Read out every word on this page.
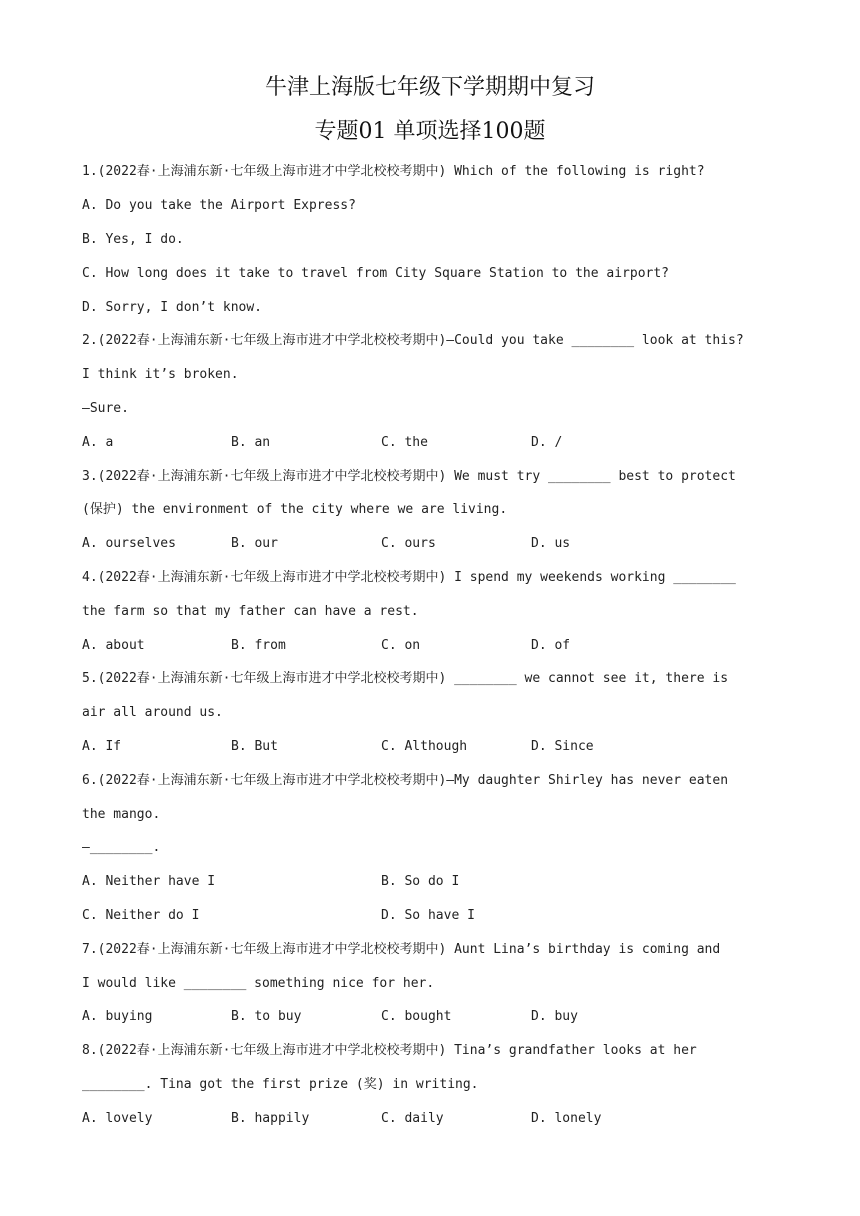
牛津上海版七年级下学期期中复习
专题01 单项选择100题
1.(2022春·上海浦东新·七年级上海市进才中学北校校考期中) Which of the following is right?
A. Do you take the Airport Express?
B. Yes, I do.
C. How long does it take to travel from City Square Station to the airport?
D. Sorry, I don’t know.
2.(2022春·上海浦东新·七年级上海市进才中学北校校考期中)—Could you take ________ look at this?
I think it’s broken.
—Sure.
A. a	B. an	C. the	D. /
3.(2022春·上海浦东新·七年级上海市进才中学北校校考期中) We must try ________ best to protect
(保护) the environment of the city where we are living.
A. ourselves	B. our	C. ours	D. us
4.(2022春·上海浦东新·七年级上海市进才中学北校校考期中) I spend my weekends working ________
the farm so that my father can have a rest.
A. about	B. from	C. on	D. of
5.(2022春·上海浦东新·七年级上海市进才中学北校校考期中) ________ we cannot see it, there is
air all around us.
A. If	B. But	C. Although	D. Since
6.(2022春·上海浦东新·七年级上海市进才中学北校校考期中)—My daughter Shirley has never eaten
the mango.
—________.
A. Neither have I	B. So do I
C. Neither do I	D. So have I
7.(2022春·上海浦东新·七年级上海市进才中学北校校考期中) Aunt Lina’s birthday is coming and
I would like ________ something nice for her.
A. buying	B. to buy	C. bought	D. buy
8.(2022春·上海浦东新·七年级上海市进才中学北校校考期中) Tina’s grandfather looks at her
________. Tina got the first prize (奖) in writing.
A. lovely	B. happily	C. daily	D. lonely
